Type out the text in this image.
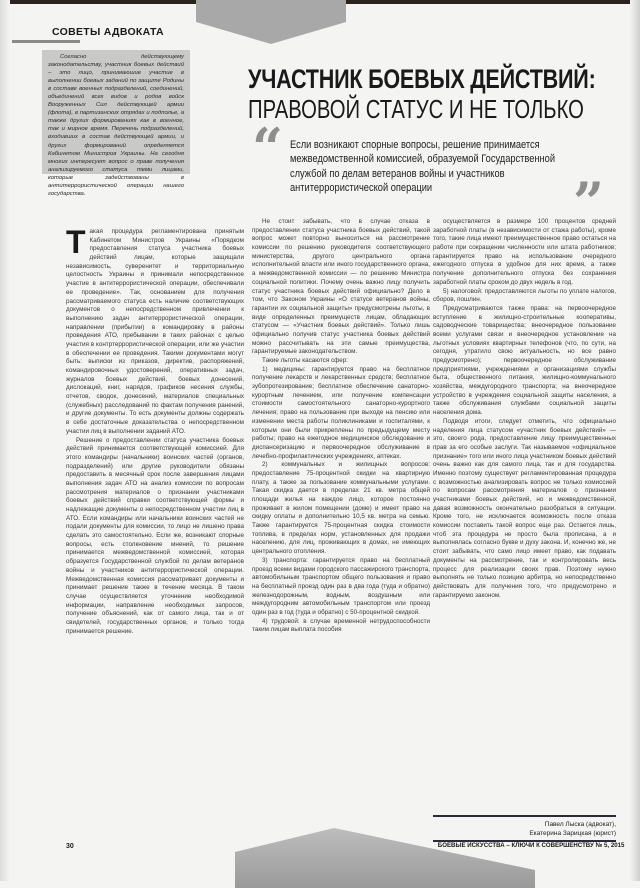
СОВЕТЫ АДВОКАТА

Согласно действующему законодательству, участник боевых действий – это лицо, принимаюшие участие в выполнении боевых заданий по защите Родины в составе военных подразделений, соединений, объединений всех видов и родов войск Вооруженных Сил действующей армии (флота), в партизанских отрядах и подполье, а также других формированиях как в военное, так и мирное время. Перечень подразделений, входивших в состав действующей армии, и других формирований определяется Кабинетом Министров Украины. На сегодня многих интересует вопрос о праве получения анализируемого статуса теми лицами, которые задействованы в антитеррористической операции нашего государства.

УЧАСТНИК БОЕВЫХ ДЕЙСТВИЙ:
ПРАВОВОЙ СТАТУС И НЕ ТОЛЬКО
“ Если возникают спорные вопросы, решение принимается межведомственной комиссией, образуемой Государственной службой по делам ветеранов войны и участников антитеррористической операции	”

Такая процедура регламентирована принятым Кабинетом Министров Украины «Порядком предоставления статуса участника боевых действий лицам, которые защищали независимость, суверенитет и территориальную целостность Украины и принимали непосредственное участие в антитеррористической операции, обеспечивали ее проведение». Так, основанием для получения рассматриваемого статуса есть наличие соответствующих документов о непосредственном привлечении к выполнению задач антитеррористической операции, направлении (прибытии) в командировку в районы проведения АТО, пребывании в таких районах с целью участия в контртеррористической операции, или же участии в обеспечении ее проведения. Такими документами могут быть: выписки из приказов, директив, распоряжений, командировочных удостоверений, оперативных задач, журналов боевых действий, боевых донесений, дислокаций, книг, нарядов, графиков несения службы, отчетов, сводок, донесений, материалов специальных (служебных) расследований по фактам получения ранений, и другие документы. То есть документы должны содержать в себе достаточные доказательства о непосредственном участии лиц в выполнении заданий АТО.

Решение о предоставлении статуса участника боевых действий принимается соответствующей комиссией. Для этого командиры (начальники) воинских частей (органов, подразделений) или другие руководители обязаны предоставить в месячный срок после завершения лицами выполнения задач АТО на анализ комиссии по вопросам рассмотрения материалов о признании участниками боевых действий справки соответствующей формы и надлежащие документы о непосредственном участии лиц в АТО. Если командиры или начальники воинских частей не подали документы для комиссии, то лицо не лишено права сделать это самостоятельно. Если же, возникают спорные вопросы, есть столкновение мнений, то решение принимается межведомственной комиссией, которая образуется Государственной службой по делам ветеранов войны и участников антитеррористической операции. Межведомственная комиссия рассматривает документы и принимает решение также в течение месяца. В таком случае осуществляется уточнение необходимой информации, направление необходимых запросов, получение объяснений, как от самого лица, так и от свидетелей, государственных органов, и только тогда принимается решение.

Не стоит забывать, что в случае отказа в предоставлении статуса участника боевых действий, такой вопрос может повторно выноситься на рассмотрение комиссии по решению руководителя соответствующего министерства, другого центрального органа исполнительной власти или иного государственного органа, а межведомственной комиссии — по решению Министра социальной политики. Почему очень важно лицу получить статус участника боевых действий официально? Дело в том, что Законом Украины «О статусе ветеранов войны, гарантии их социальной защиты» предусмотрены льготы, в виде определенных преимуществ лицам, обладающих статусом — «Участник боевых действий». Только лишь официально получив статус участника боевых действий можно рассчитывать на эти самые преимущества, гарантируемые законодательством.

Такие льготы касаются сфер:

1) медицины: гарантируется право на бесплатное получение лекарств и лекарственных средств; бесплатное зубопротезирование; бесплатное обеспечение санаторно-курортным лечением, или получение компенсации стоимости самостоятельного санаторно-курортного лечения; право на пользование при выходе на пенсию или изменении места работы поликлиниками и госпиталями, к которым они были прикреплены по предыдущему месту работы; право на ежегодное медицинское обследование и диспансеризацию и первоочередное обслуживание в лечебно-профилактических учреждениях, аптеках.

2) коммунальных и жилищных вопросов: предоставление 75-процентной скидки на квартирную плату, а также за пользование коммунальными услугами. Такая скидка дается в пределах 21 кв. метра общей площади жилья на каждое лицо, которое постоянно проживает в жилом помещении (доме) и имеет право на скидку оплаты и дополнительно 10,5 кв. метра на семью. Также гарантируется 75-процентная скидка стоимости топлива, в пределах норм, установленных для продажи населению, для лиц, проживающих в домах, не имеющих центрального отопления.

3) транспорта: гарантируется право на бесплатный проезд всеми видами городского пассажирского транспорта, автомобильным транспортом общего пользования и право на бесплатный проезд один раз в два года (туда и обратно) железнодорожным, водным, воздушным или междугородним автомобильным транспортом или проезд один раз в год (туда и обратно) с 50-процентной скидкой.

4) трудовой: в случае временной нетрудоспособности таким лицам выплата пособия

осуществляется в размере 100 процентов средней заработной платы (в независимости от стажа работы), кроме того, такие лица имеют преимущественное право остаться на работе при сокращении численности или штата работников; гарантируется право на использование очередного ежегодного отпуска в удобное для них время, а также получение дополнительного отпуска без сохранения заработной платы сроком до двух недель в год.

5) налоговой: предоставляются льготы по уплате налогов, сборов, пошлин.

Предусматриваются также права: на первоочередное вступление в жилищно-строительные кооперативы, садоводческие товарищества; внеочередное пользование всеми услугами связи и внеочередное установление на льготных условиях квартирных телефонов (что, по сути, на сегодня, утратило свою актуальность, но все равно предусмотрено); первоочередное обслуживание предприятиями, учреждениями и организациями службы быта, общественного питания, жилищно-коммунального хозяйства, междугородного транспорта; на внеочередное устройство в учреждения социальной защиты населения, а также обслуживания службами социальной защиты населения дома.

Подводя итоги, следует отметить, что официально наделения лица статусом «участник боевых действий» — это, своего рода, предоставление лицу преимущественных прав за его особые заслуги. Так называемое «официальное признание» того или иного лица участником боевых действий очень важно как для самого лица, так и для государства. Именно поэтому существует регламентированная процедура с возможностью анализировать вопрос не только комиссией по вопросам рассмотрения материалов о признании участниками боевых действий, но и межведомственной, давая возможность окончательно разобраться в ситуации. Кроме того, не исключается возможность после отказа комиссии поставить такой вопрос еще раз. Остается лишь, чтоб эта процедура не просто была прописана, а и выполнялась согласно букве и духу закона. И, конечно же, не стоит забывать, что само лицо имеет право, как подавать документы на рассмотрение, так и контролировать весь процесс для реализации своих прав. Поэтому нужно выполнять не только позицию арбитра, но непосредственно действовать для получения того, что предусмотрено и гарантируемо законом.

Павел Лыска (адвокат),
Екатерина Зарицкая (юрист)
30	БОЕВЫЕ ИСКУССТВА – КЛЮЧИ К СОВЕРШЕНСТВУ № 5, 2015
